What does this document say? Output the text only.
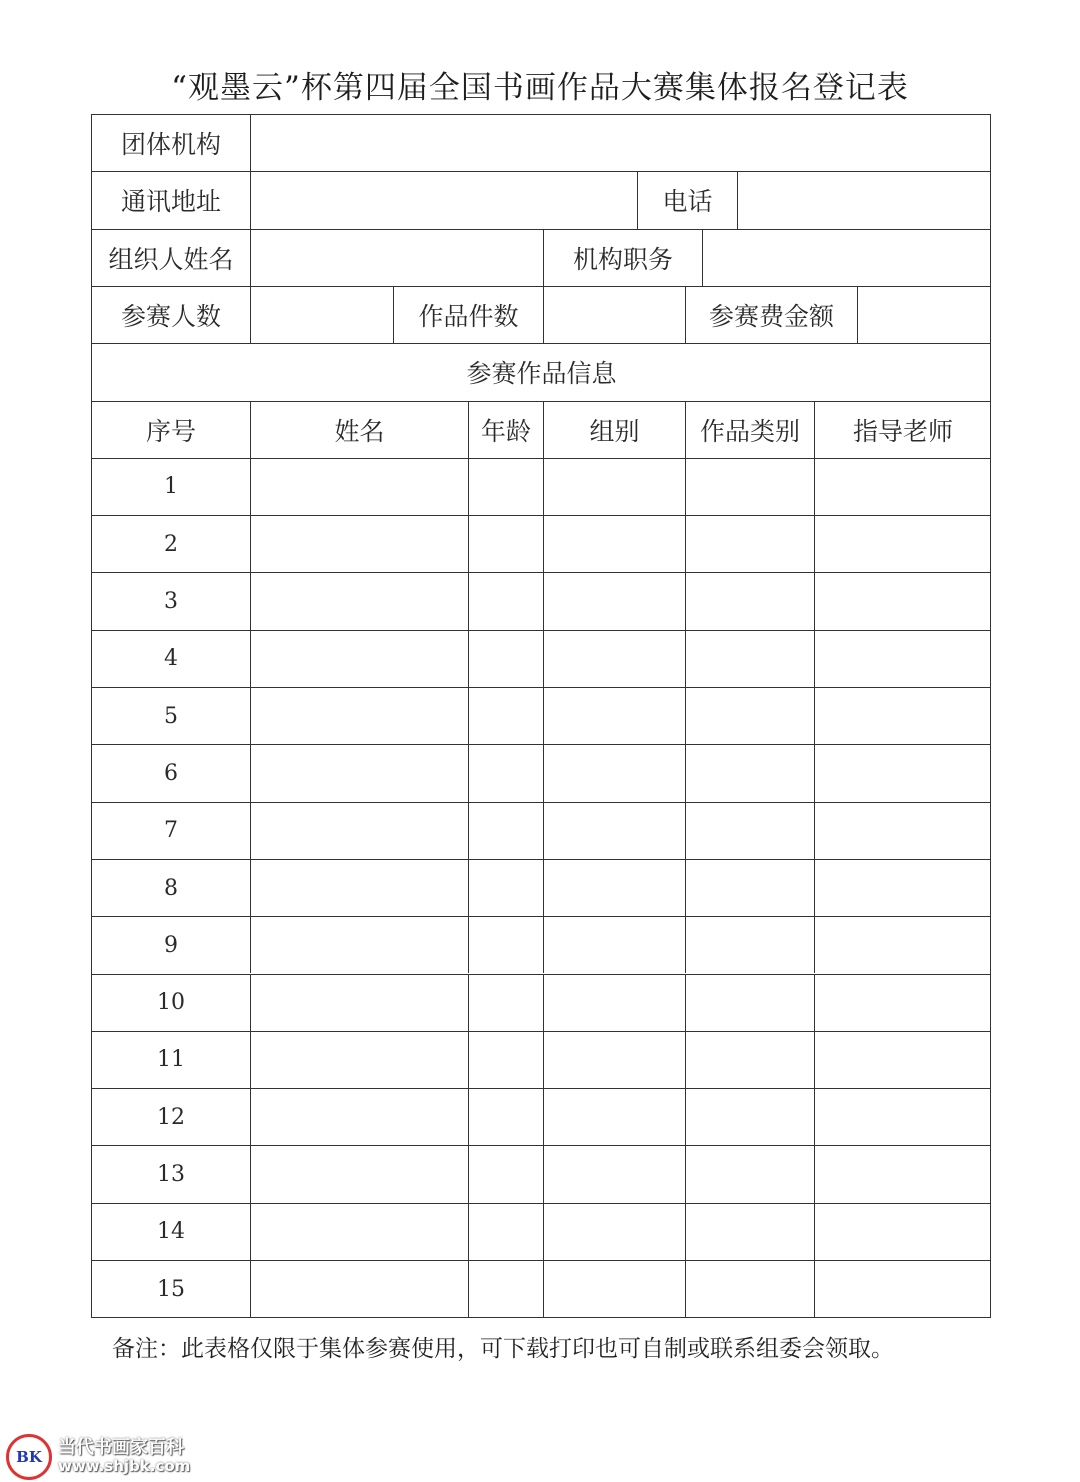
“观墨云”杯第四届全国书画作品大赛集体报名登记表
团体机构
通讯地址	电话
组织人姓名	机构职务
参赛人数	作品件数	参赛费金额
参赛作品信息
序号	姓名	年龄	组别	作品类别	指导老师
1
2
3
4
5
6
7
8
9
10
11
12
13
14
15
备注：此表格仅限于集体参赛使用，可下载打印也可自制或联系组委会领取。
BK 当代书画家百科
www.shjbk.com
